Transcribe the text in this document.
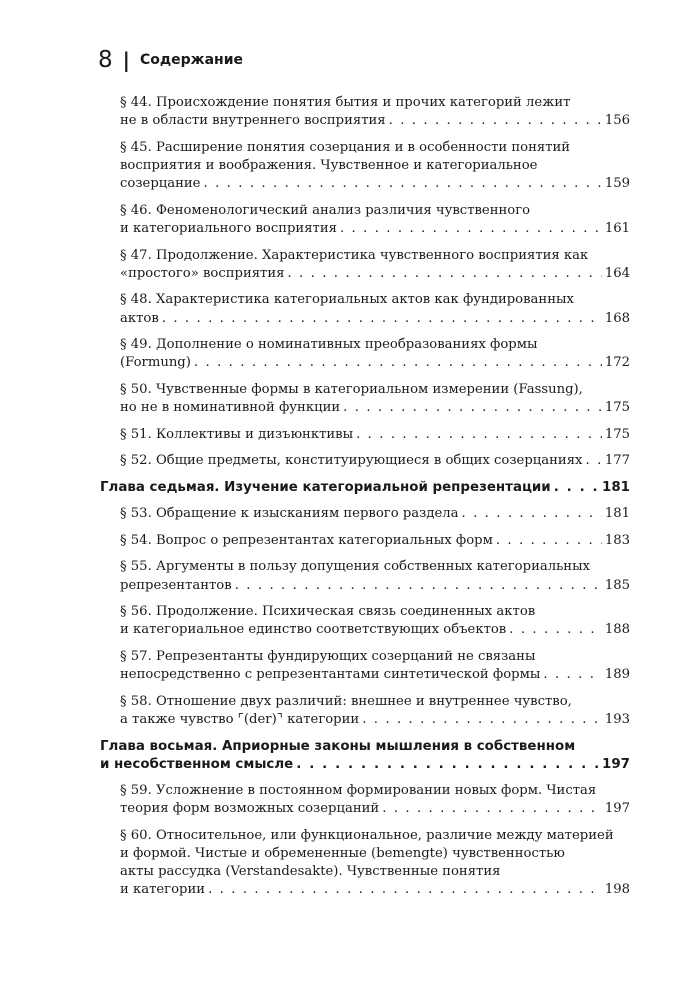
8 | Содержание
§ 44. Происхождение понятия бытия и прочих категорий лежит
не в области внутреннего восприятия . . .	156
§ 45. Расширение понятия созерцания и в особенности понятий
восприятия и воображения. Чувственное и категориальное
созерцание . . .	159
§ 46. Феноменологический анализ различия чувственного
и категориального восприятия . . .	161
§ 47. Продолжение. Характеристика чувственного восприятия как
«простого» восприятия . . .	164
§ 48. Характеристика категориальных актов как фундированных
актов . . .	168
§ 49. Дополнение о номинативных преобразованиях формы
(Formung) . . .	172
§ 50. Чувственные формы в категориальном измерении (Fassung),
но не в номинативной функции . . .	175
§ 51. Коллективы и дизъюнктивы . . .	175
§ 52. Общие предметы, конституирующиеся в общих созерцаниях . . . 177
Глава седьмая. Изучение категориальной репрезентации . . .	181
§ 53. Обращение к изысканиям первого раздела . . .	181
§ 54. Вопрос о репрезентантах категориальных форм . . .	183
§ 55. Аргументы в пользу допущения собственных категориальных
репрезентантов . . .	185
§ 56. Продолжение. Психическая связь соединенных актов
и категориальное единство соответствующих объектов . . .	188
§ 57. Репрезентанты фундирующих созерцаний не связаны
непосредственно с репрезентантами синтетической формы . . .	189
§ 58. Отношение двух различий: внешнее и внутреннее чувство,
а также чувство ⌜(der)⌝ категории . . .	193
Глава восьмая. Априорные законы мышления в собственном
и несобственном смысле . . .	197
§ 59. Усложнение в постоянном формировании новых форм. Чистая
теория форм возможных созерцаний . . .	197
§ 60. Относительное, или функциональное, различие между материей
и формой. Чистые и обремененные (bemengte) чувственностью
акты рассудка (Verstandesakte). Чувственные понятия
и категории . . .	198
